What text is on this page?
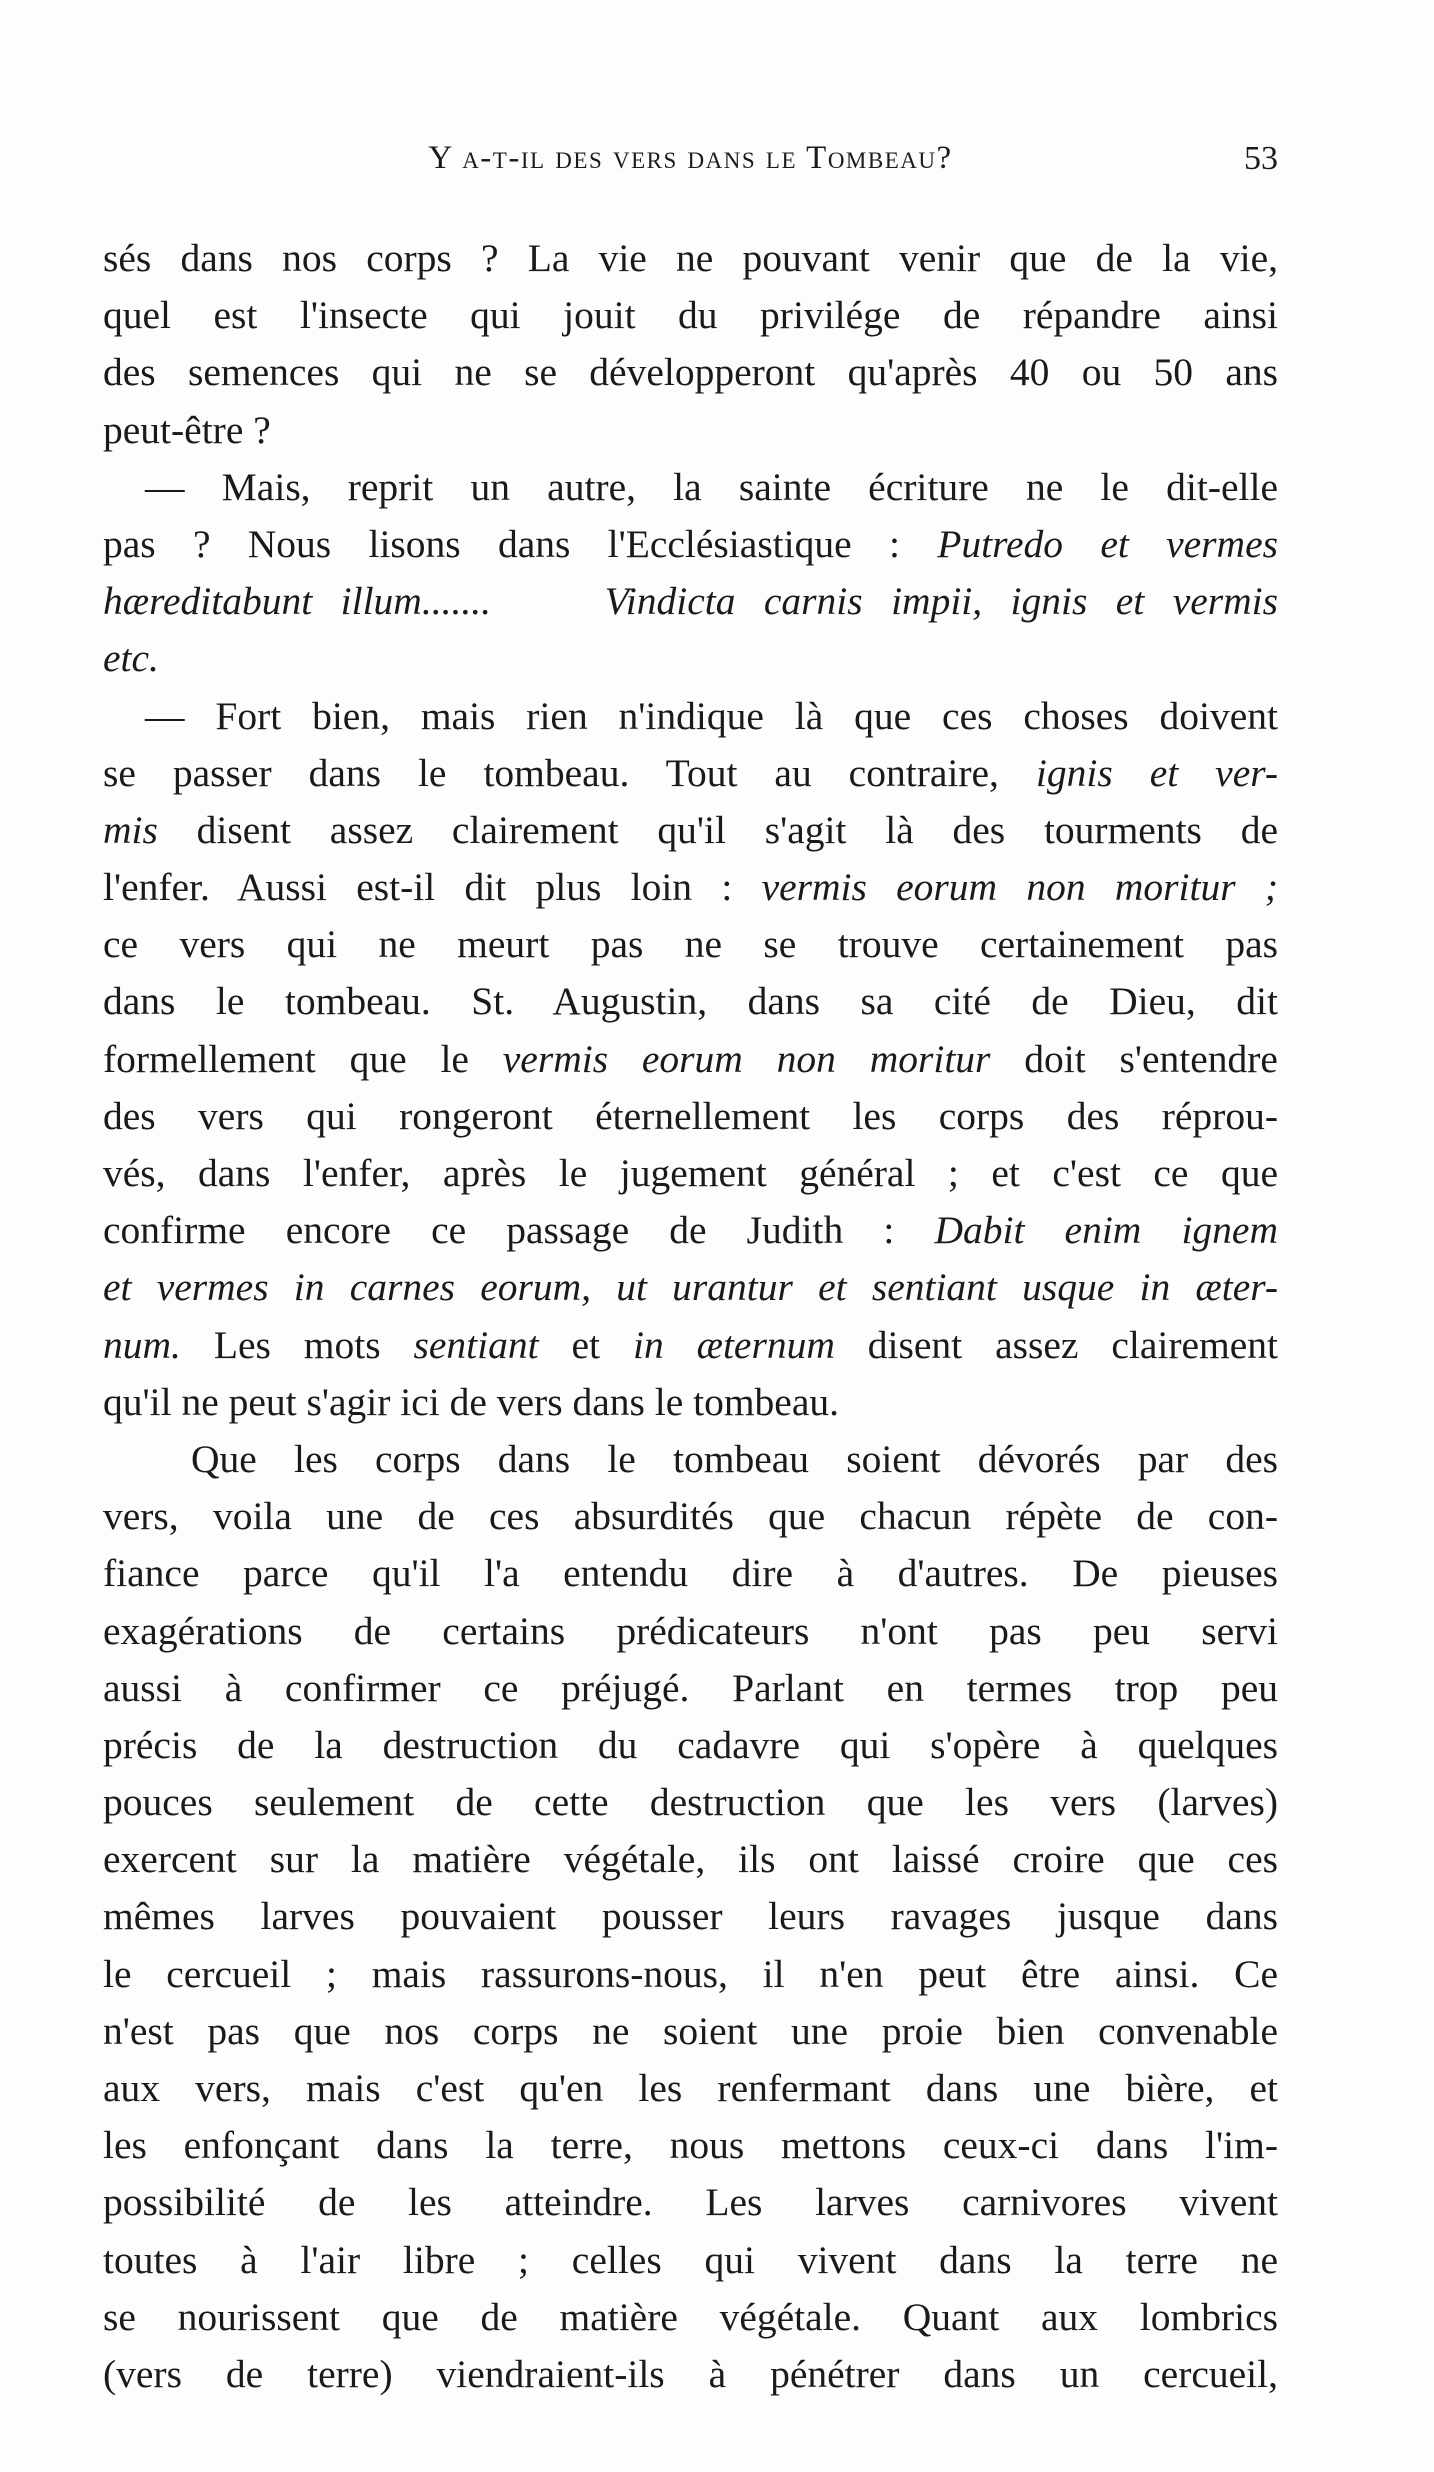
Y a-t-il des vers dans le Tombeau?	53
sés dans nos corps ? La vie ne pouvant venir que de la vie,
quel est l'insecte qui jouit du privilége de répandre ainsi
des semences qui ne se développeront qu'après 40 ou 50 ans
peut-être ?
— Mais, reprit un autre, la sainte écriture ne le dit-elle
pas ? Nous lisons dans l'Ecclésiastique : Putredo et vermes
hæreditabunt illum.......	Vindicta carnis impii, ignis et vermis
etc.
— Fort bien, mais rien n'indique là que ces choses doivent
se passer dans le tombeau. Tout au contraire, ignis et ver-
mis disent assez clairement qu'il s'agit là des tourments de
l'enfer. Aussi est-il dit plus loin : vermis eorum non moritur ;
ce vers qui ne meurt pas ne se trouve certainement pas
dans le tombeau. St. Augustin, dans sa cité de Dieu, dit
formellement que le vermis eorum non moritur doit s'entendre
des vers qui rongeront éternellement les corps des réprou-
vés, dans l'enfer, après le jugement général ; et c'est ce que
confirme encore ce passage de Judith : Dabit enim ignem
et vermes in carnes eorum, ut urantur et sentiant usque in æter-
num. Les mots sentiant et in æternum disent assez clairement
qu'il ne peut s'agir ici de vers dans le tombeau.
Que les corps dans le tombeau soient dévorés par des
vers, voila une de ces absurdités que chacun répète de con-
fiance parce qu'il l'a entendu dire à d'autres. De pieuses
exagérations de certains prédicateurs n'ont pas peu servi
aussi à confirmer ce préjugé. Parlant en termes trop peu
précis de la destruction du cadavre qui s'opère à quelques
pouces seulement de cette destruction que les vers (larves)
exercent sur la matière végétale, ils ont laissé croire que ces
mêmes larves pouvaient pousser leurs ravages jusque dans
le cercueil ; mais rassurons-nous, il n'en peut être ainsi. Ce
n'est pas que nos corps ne soient une proie bien convenable
aux vers, mais c'est qu'en les renfermant dans une bière, et
les enfonçant dans la terre, nous mettons ceux-ci dans l'im-
possibilité de les atteindre. Les larves carnivores vivent
toutes à l'air libre ; celles qui vivent dans la terre ne
se nourissent que de matière végétale. Quant aux lombrics
(vers de terre) viendraient-ils à pénétrer dans un cercueil,
